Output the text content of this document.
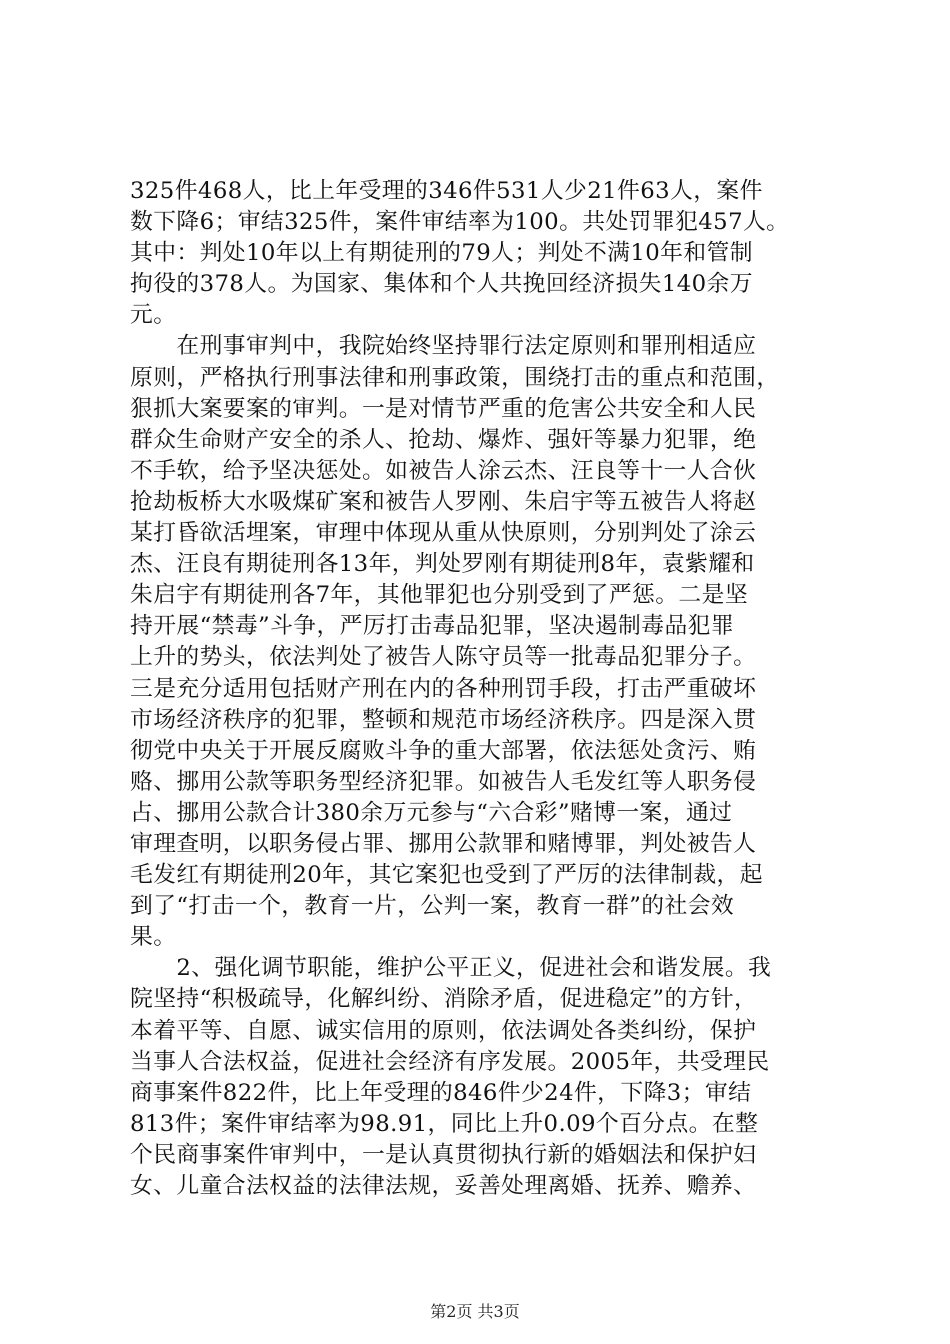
325件468人，比上年受理的346件531人少21件63人，案件
数下降6；审结325件，案件审结率为100。共处罚罪犯457人。
其中：判处10年以上有期徒刑的79人；判处不满10年和管制
拘役的378人。为国家、集体和个人共挽回经济损失140余万
元。
　　在刑事审判中，我院始终坚持罪行法定原则和罪刑相适应
原则，严格执行刑事法律和刑事政策，围绕打击的重点和范围，
狠抓大案要案的审判。一是对情节严重的危害公共安全和人民
群众生命财产安全的杀人、抢劫、爆炸、强奸等暴力犯罪，绝
不手软，给予坚决惩处。如被告人涂云杰、汪良等十一人合伙
抢劫板桥大水吸煤矿案和被告人罗刚、朱启宇等五被告人将赵
某打昏欲活埋案，审理中体现从重从快原则，分别判处了涂云
杰、汪良有期徒刑各13年，判处罗刚有期徒刑8年，袁紫耀和
朱启宇有期徒刑各7年，其他罪犯也分别受到了严惩。二是坚
持开展“禁毒”斗争，严厉打击毒品犯罪，坚决遏制毒品犯罪
上升的势头，依法判处了被告人陈守员等一批毒品犯罪分子。
三是充分适用包括财产刑在内的各种刑罚手段，打击严重破坏
市场经济秩序的犯罪，整顿和规范市场经济秩序。四是深入贯
彻党中央关于开展反腐败斗争的重大部署，依法惩处贪污、贿
赂、挪用公款等职务型经济犯罪。如被告人毛发红等人职务侵
占、挪用公款合计380余万元参与“六合彩”赌博一案，通过
审理查明，以职务侵占罪、挪用公款罪和赌博罪，判处被告人
毛发红有期徒刑20年，其它案犯也受到了严厉的法律制裁，起
到了“打击一个，教育一片，公判一案，教育一群”的社会效
果。
　　2、强化调节职能，维护公平正义，促进社会和谐发展。我
院坚持“积极疏导，化解纠纷、消除矛盾，促进稳定”的方针，
本着平等、自愿、诚实信用的原则，依法调处各类纠纷，保护
当事人合法权益，促进社会经济有序发展。2005年，共受理民
商事案件822件，比上年受理的846件少24件，下降3；审结
813件；案件审结率为98.91，同比上升0.09个百分点。在整
个民商事案件审判中，一是认真贯彻执行新的婚姻法和保护妇
女、儿童合法权益的法律法规，妥善处理离婚、抚养、赡养、
第2页 共3页
